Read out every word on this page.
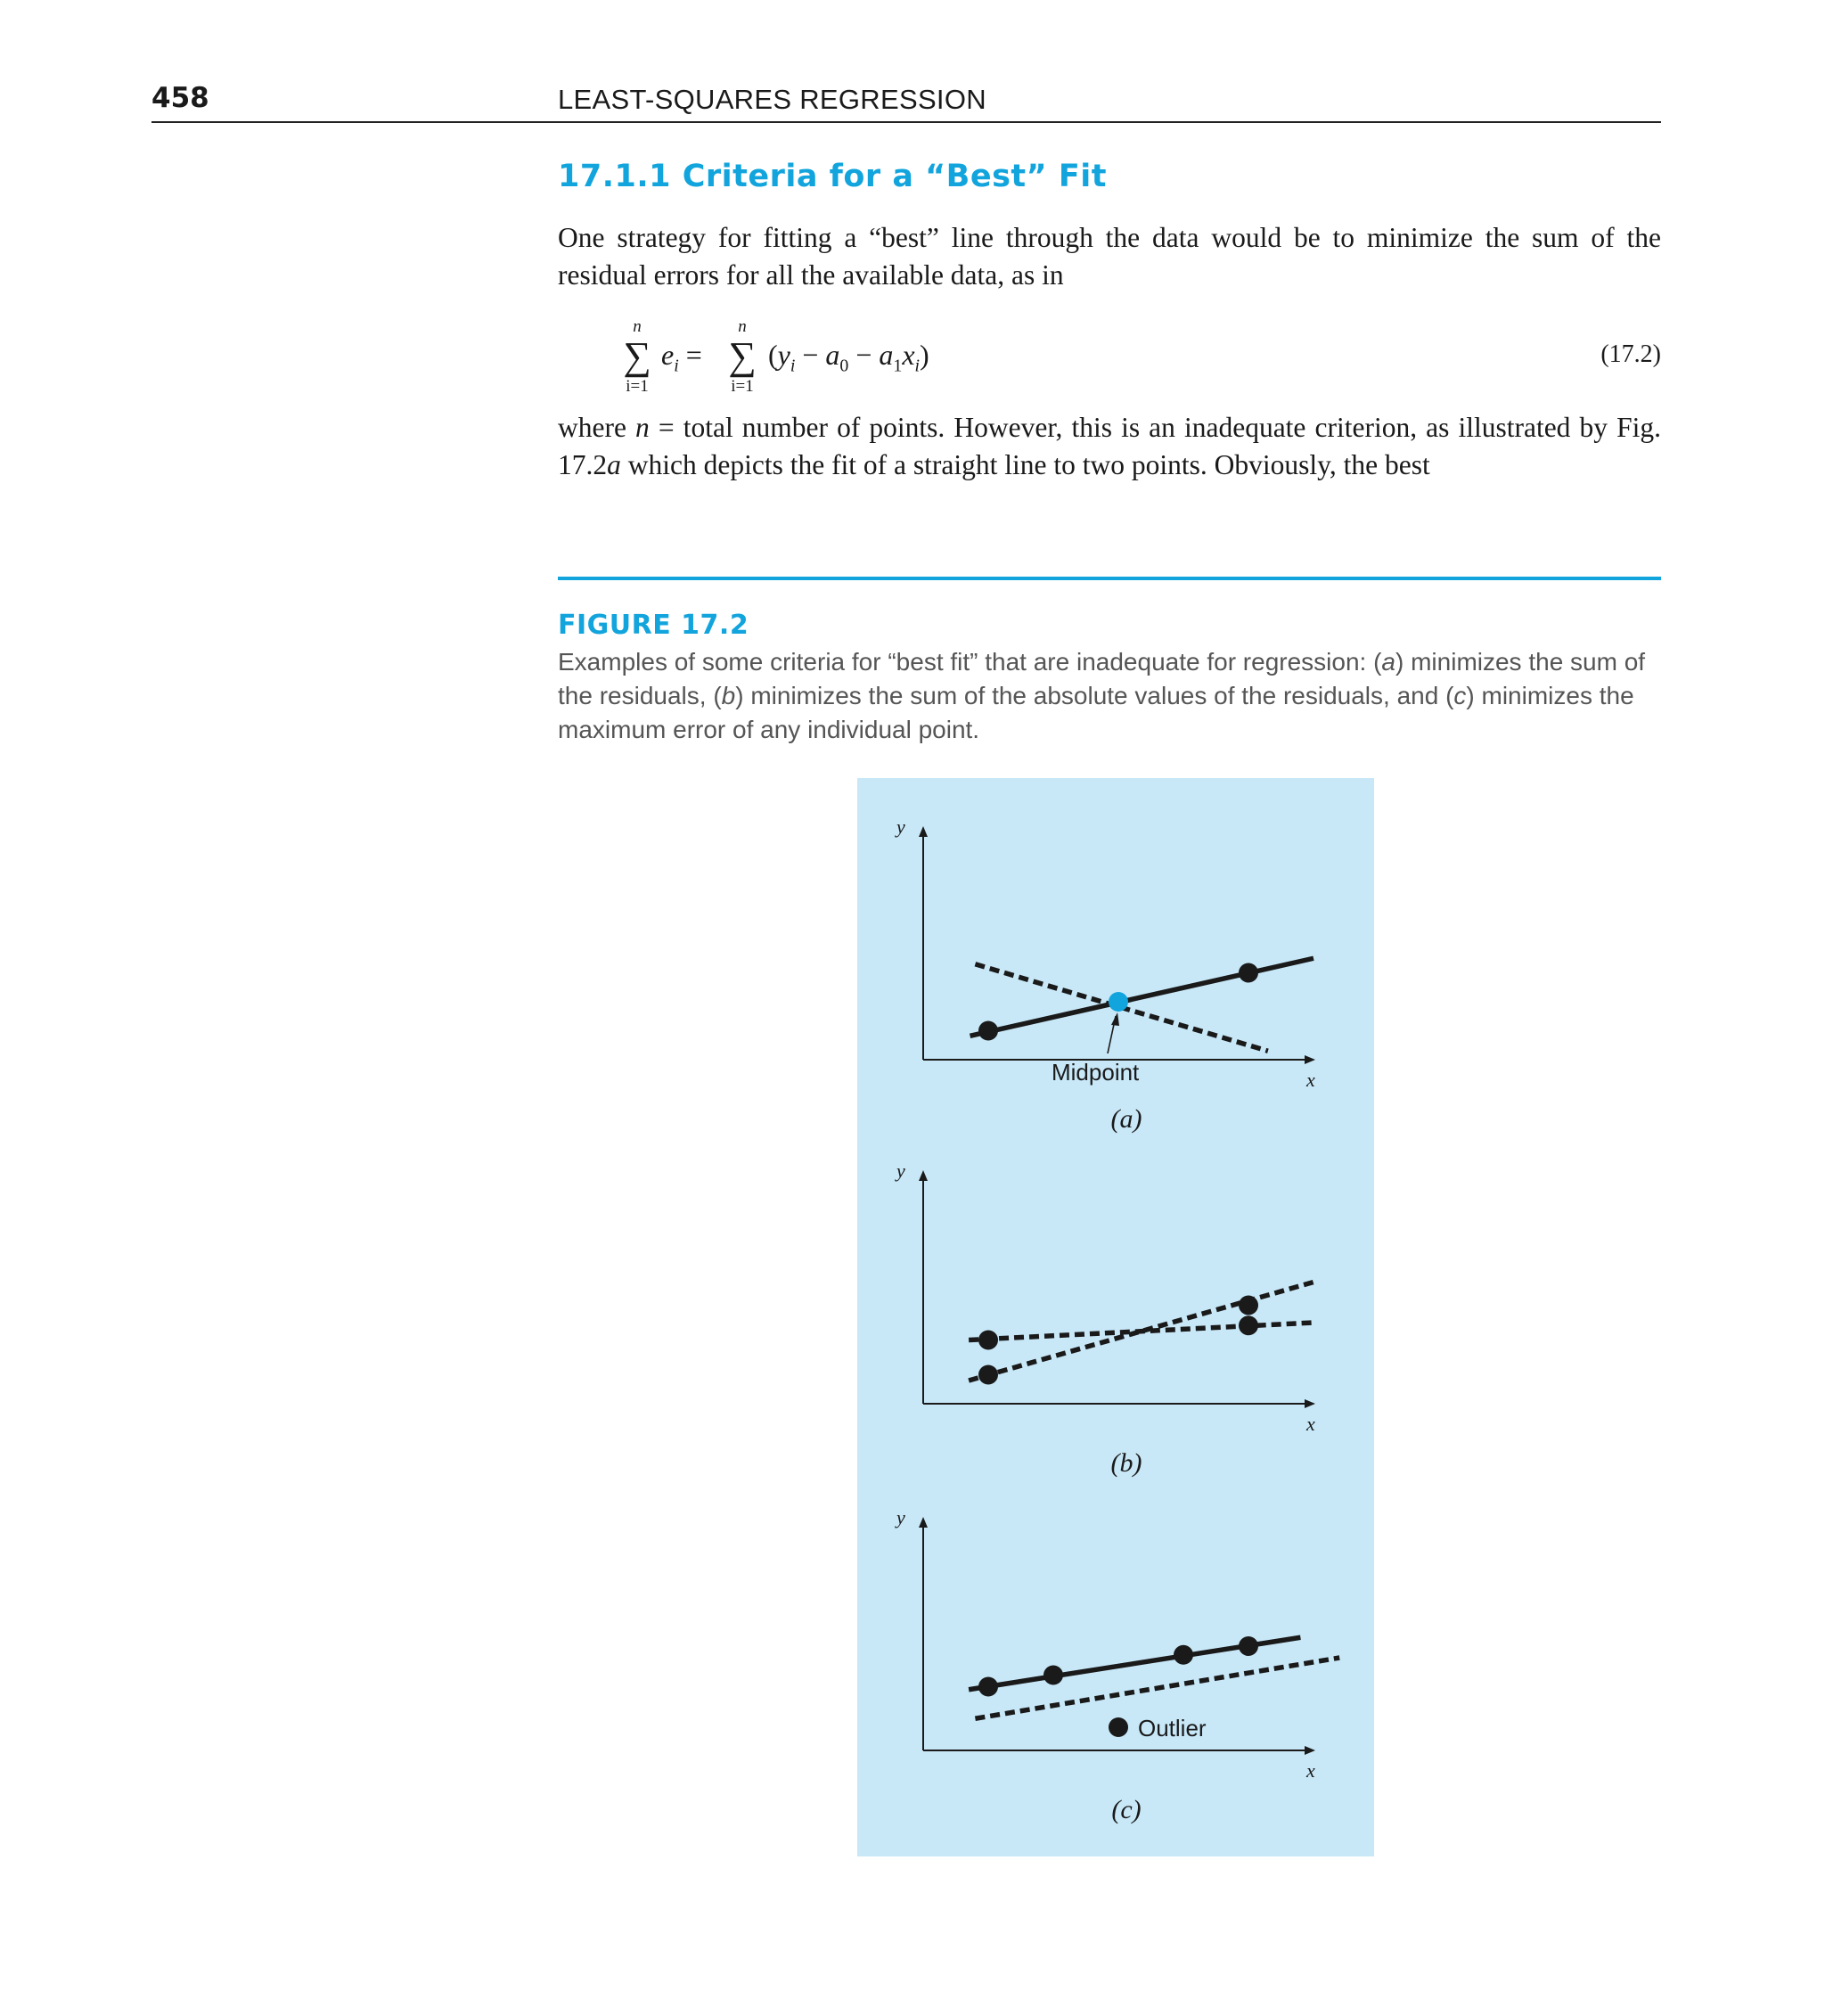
458	LEAST-SQUARES REGRESSION
17.1.1 Criteria for a “Best” Fit

One strategy for fitting a “best” line through the data would be to minimize the sum of the residual errors for all the available data, as in

n
∑
i=1
$e_i$ =
n
∑
i=1
$(y_i - a_0 - a_1x_i)$	(17.2)

where n = total number of points. However, this is an inadequate criterion, as illustrated by Fig. 17.2a which depicts the fit of a straight line to two points. Obviously, the best

FIGURE 17.2

Examples of some criteria for “best fit” that are inadequate for regression: (a) minimizes the sum of the residuals, (b) minimizes the sum of the absolute values of the residuals, and (c) minimizes the maximum error of any individual point.

y
x
Midpoint
(a)
y
x
(b)
y
x
Outlier
(c)
